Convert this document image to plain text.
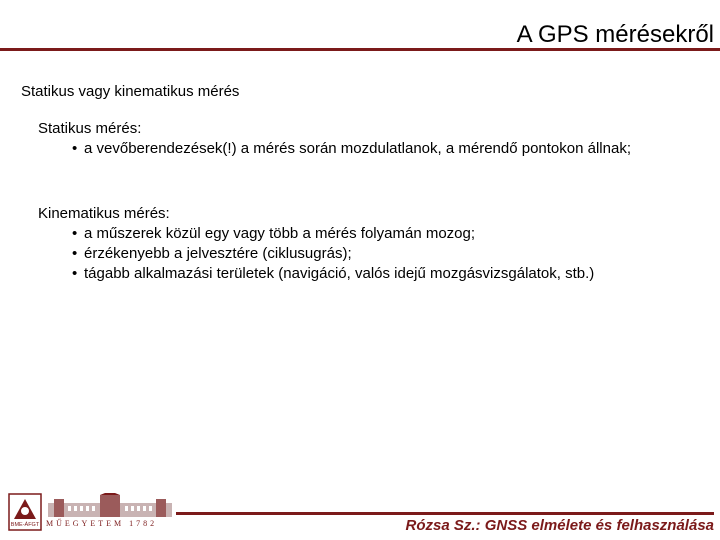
A GPS mérésekről
Statikus vagy kinematikus mérés
Statikus mérés:
• a vevőberendezések(!) a mérés során mozdulatlanok, a mérendő pontokon állnak;
Kinematikus mérés:
• a műszerek közül egy vagy több a mérés folyamán mozog;
• érzékenyebb a jelvesztére (ciklusugrás);
• tágabb alkalmazási területek (navigáció, valós idejű mozgásvizsgálatok, stb.)
BME-ÁFGT MŰEGYETEM 1782	Rózsa Sz.: GNSS elmélete és felhasználása
